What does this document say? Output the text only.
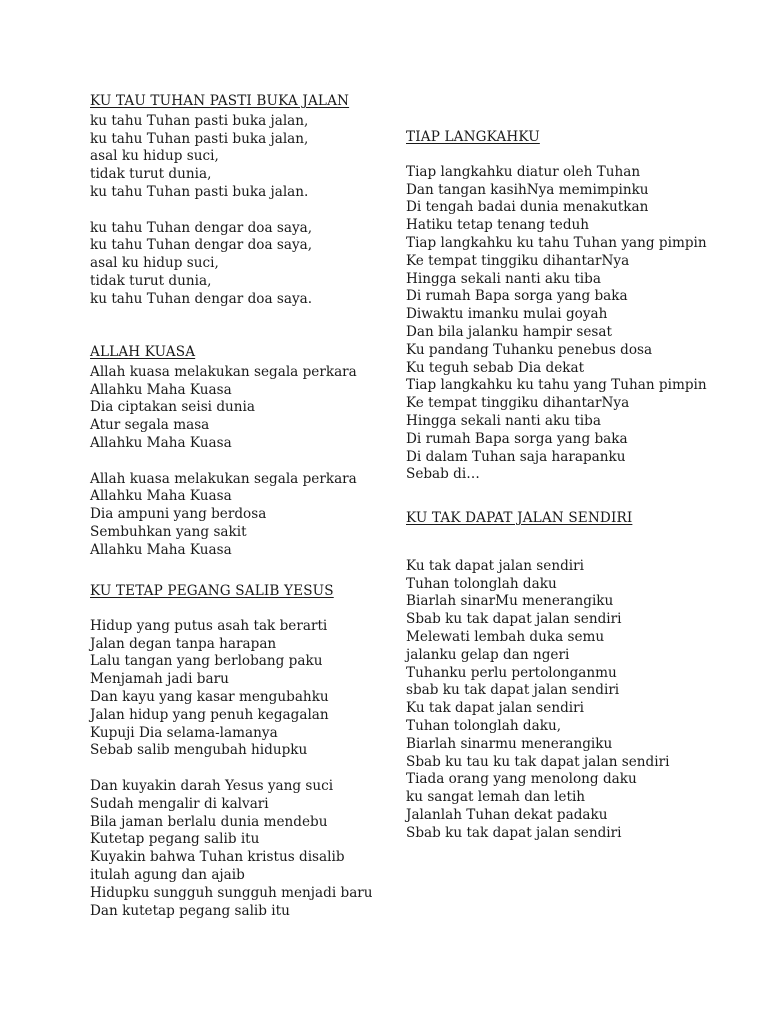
KU TAU TUHAN PASTI BUKA JALAN
ku tahu Tuhan pasti buka jalan,
ku tahu Tuhan pasti buka jalan,
asal ku hidup suci,
tidak turut dunia,
ku tahu Tuhan pasti buka jalan.
ku tahu Tuhan dengar doa saya,
ku tahu Tuhan dengar doa saya,
asal ku hidup suci,
tidak turut dunia,
ku tahu Tuhan dengar doa saya.
ALLAH KUASA
Allah kuasa melakukan segala perkara
Allahku Maha Kuasa
Dia ciptakan seisi dunia
Atur segala masa
Allahku Maha Kuasa
Allah kuasa melakukan segala perkara
Allahku Maha Kuasa
Dia ampuni yang berdosa
Sembuhkan yang sakit
Allahku Maha Kuasa
KU TETAP PEGANG SALIB YESUS
Hidup yang putus asah tak berarti
Jalan degan tanpa harapan
Lalu tangan yang berlobang paku
Menjamah jadi baru
Dan kayu yang kasar mengubahku
Jalan hidup yang penuh kegagalan
Kupuji Dia selama-lamanya
Sebab salib mengubah hidupku
Dan kuyakin darah Yesus yang suci
Sudah mengalir di kalvari
Bila jaman berlalu dunia mendebu
Kutetap pegang salib itu
Kuyakin bahwa Tuhan kristus disalib
itulah agung dan ajaib
Hidupku sungguh sungguh menjadi baru
Dan kutetap pegang salib itu
TIAP LANGKAHKU
Tiap langkahku diatur oleh Tuhan
Dan tangan kasihNya memimpinku
Di tengah badai dunia menakutkan
Hatiku tetap tenang teduh
Tiap langkahku ku tahu Tuhan yang pimpin
Ke tempat tinggiku dihantarNya
Hingga sekali nanti aku tiba
Di rumah Bapa sorga yang baka
Diwaktu imanku mulai goyah
Dan bila jalanku hampir sesat
Ku pandang Tuhanku penebus dosa
Ku teguh sebab Dia dekat
Tiap langkahku ku tahu yang Tuhan pimpin
Ke tempat tinggiku dihantarNya
Hingga sekali nanti aku tiba
Di rumah Bapa sorga yang baka
Di dalam Tuhan saja harapanku
Sebab di…
KU TAK DAPAT JALAN SENDIRI
Ku tak dapat jalan sendiri
Tuhan tolonglah daku
Biarlah sinarMu menerangiku
Sbab ku tak dapat jalan sendiri
Melewati lembah duka semu
jalanku gelap dan ngeri
Tuhanku perlu pertolonganmu
sbab ku tak dapat jalan sendiri
Ku tak dapat jalan sendiri
Tuhan tolonglah daku,
Biarlah sinarmu menerangiku
Sbab ku tau ku tak dapat jalan sendiri
Tiada orang yang menolong daku
ku sangat lemah dan letih
Jalanlah Tuhan dekat padaku
Sbab ku tak dapat jalan sendiri
